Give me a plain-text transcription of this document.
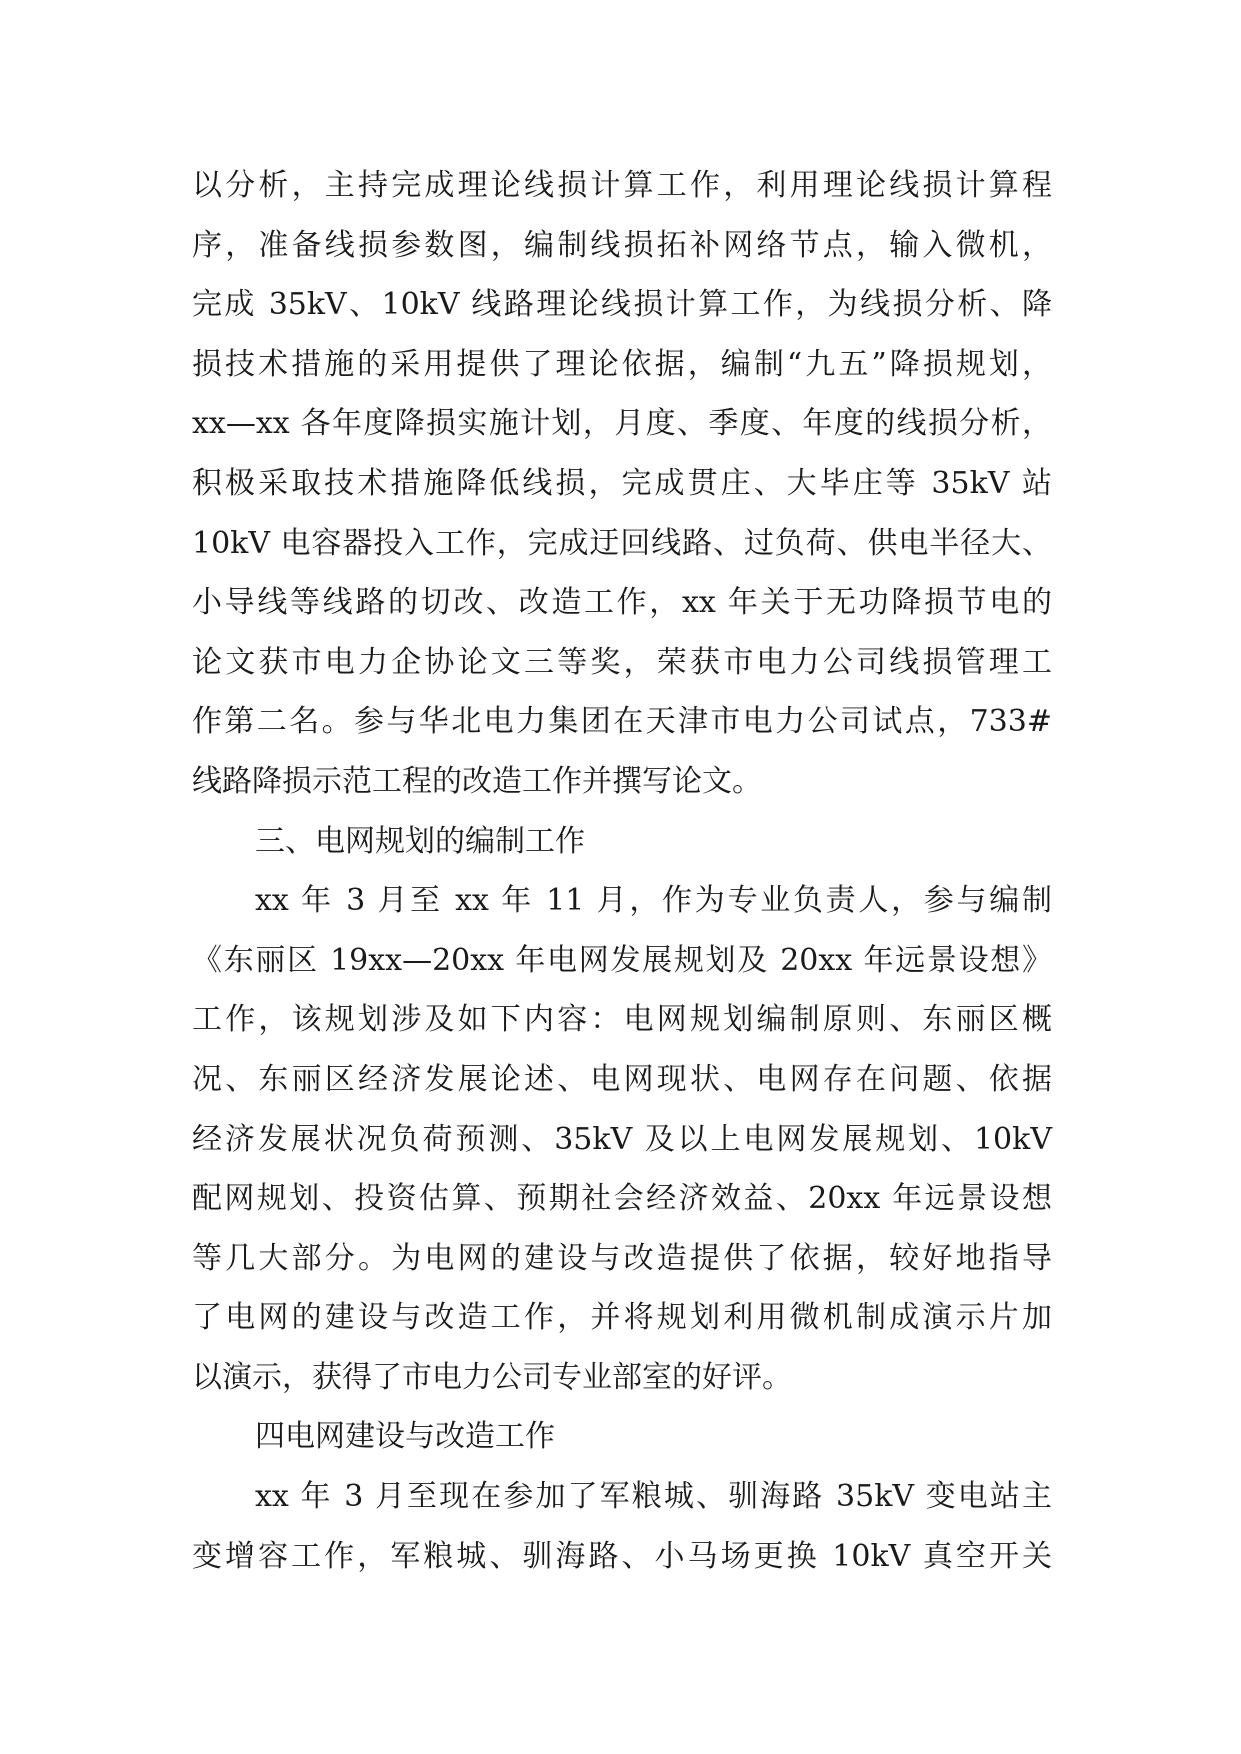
以分析，主持完成理论线损计算工作，利用理论线损计算程
序，准备线损参数图，编制线损拓补网络节点，输入微机，
完成 35kV、10kV 线路理论线损计算工作，为线损分析、降
损技术措施的采用提供了理论依据，编制“九五”降损规划，
xx—xx 各年度降损实施计划，月度、季度、年度的线损分析，
积极采取技术措施降低线损，完成贯庄、大毕庄等 35kV 站
10kV 电容器投入工作，完成迂回线路、过负荷、供电半径大、
小导线等线路的切改、改造工作，xx 年关于无功降损节电的
论文获市电力企协论文三等奖，荣获市电力公司线损管理工
作第二名。参与华北电力集团在天津市电力公司试点，733#
线路降损示范工程的改造工作并撰写论文。
三、电网规划的编制工作
xx 年 3 月至 xx 年 11 月，作为专业负责人，参与编制
《东丽区 19xx—20xx 年电网发展规划及 20xx 年远景设想》
工作，该规划涉及如下内容：电网规划编制原则、东丽区概
况、东丽区经济发展论述、电网现状、电网存在问题、依据
经济发展状况负荷预测、35kV 及以上电网发展规划、10kV
配网规划、投资估算、预期社会经济效益、20xx 年远景设想
等几大部分。为电网的建设与改造提供了依据，较好地指导
了电网的建设与改造工作，并将规划利用微机制成演示片加
以演示，获得了市电力公司专业部室的好评。
四电网建设与改造工作
xx 年 3 月至现在参加了军粮城、驯海路 35kV 变电站主
变增容工作，军粮城、驯海路、小马场更换 10kV 真空开关
